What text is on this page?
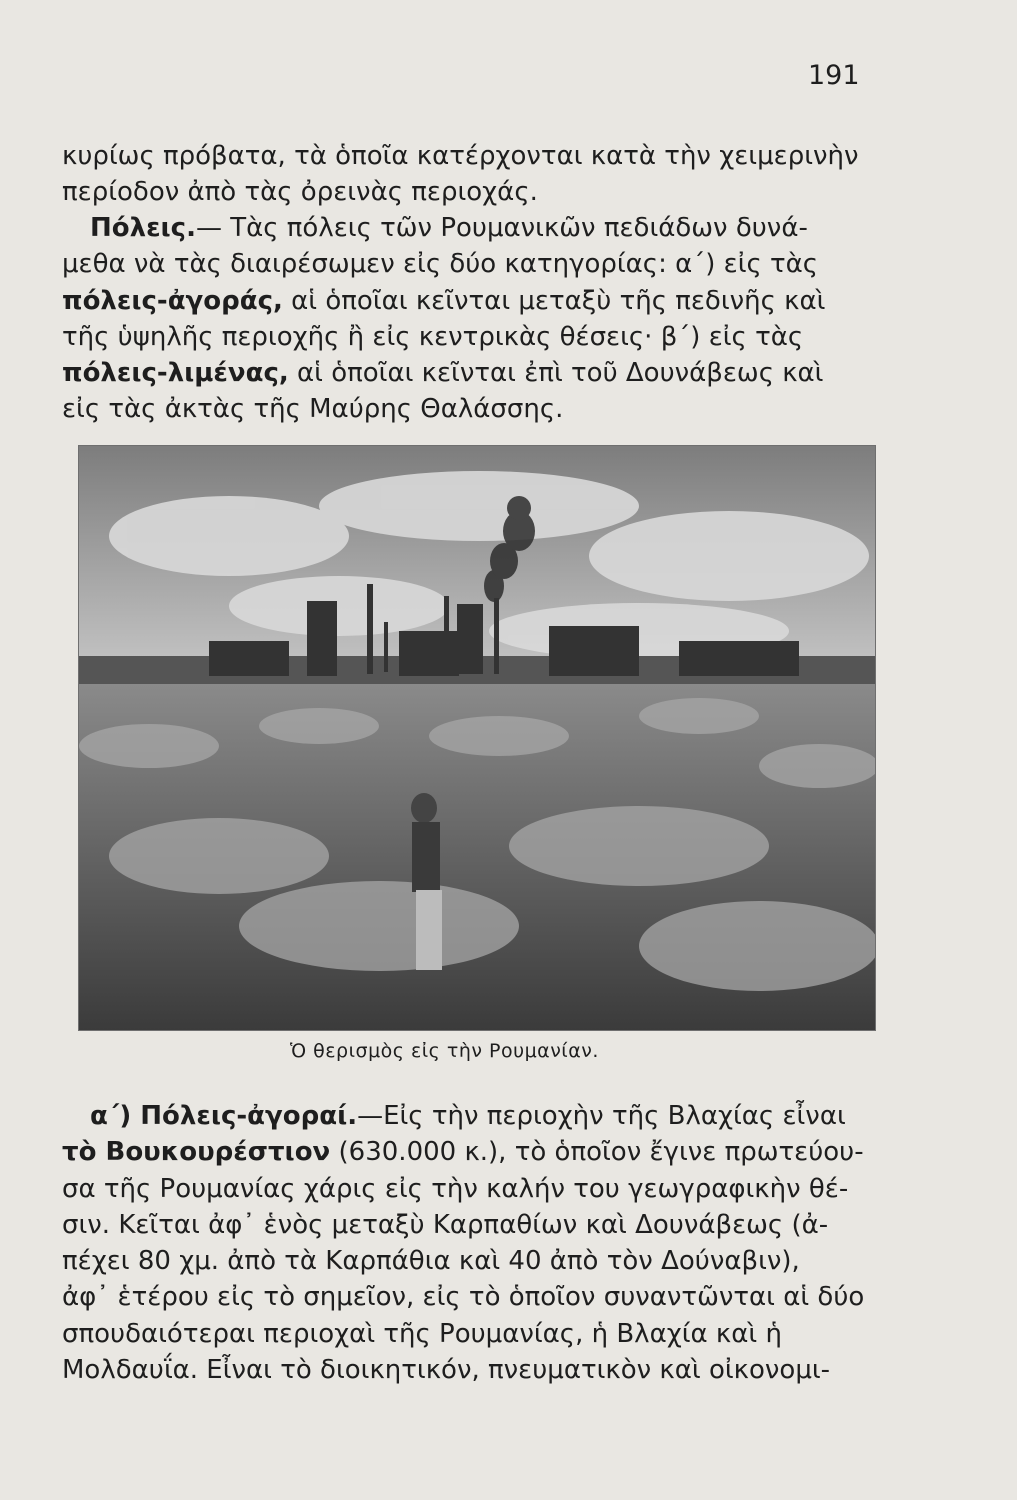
191
κυρίως πρόβατα, τὰ ὁποῖα κατέρχονται κατὰ τὴν χειμερινὴν
περίοδον ἀπὸ τὰς ὀρεινὰς περιοχάς.
Πόλεις.— Τὰς πόλεις τῶν Ρουμανικῶν πεδιάδων δυνά-
μεθα νὰ τὰς διαιρέσωμεν εἰς δύο κατηγορίας: α΄) εἰς τὰς
πόλεις-ἀγοράς, αἱ ὁποῖαι κεῖνται μεταξὺ τῆς πεδινῆς καὶ
τῆς ὑψηλῆς περιοχῆς ἢ εἰς κεντρικὰς θέσεις· β΄) εἰς τὰς
πόλεις-λιμένας, αἱ ὁποῖαι κεῖνται ἐπὶ τοῦ Δουνάβεως καὶ
εἰς τὰς ἀκτὰς τῆς Μαύρης Θαλάσσης.
Ὁ θερισμὸς εἰς τὴν Ρουμανίαν.
α΄) Πόλεις-ἀγοραί.—Εἰς τὴν περιοχὴν τῆς Βλαχίας εἶναι
τὸ Βουκουρέστιον (630.000 κ.), τὸ ὁποῖον ἔγινε πρωτεύου-
σα τῆς Ρουμανίας χάρις εἰς τὴν καλήν του γεωγραφικὴν θέ-
σιν. Κεῖται ἀφ᾽ ἑνὸς μεταξὺ Καρπαθίων καὶ Δουνάβεως (ἀ-
πέχει 80 χμ. ἀπὸ τὰ Καρπάθια καὶ 40 ἀπὸ τὸν Δούναβιν),
ἀφ᾽ ἑτέρου εἰς τὸ σημεῖον, εἰς τὸ ὁποῖον συναντῶνται αἱ δύο
σπουδαιότεραι περιοχαὶ τῆς Ρουμανίας, ἡ Βλαχία καὶ ἡ
Μολδαυΐα. Εἶναι τὸ διοικητικόν, πνευματικὸν καὶ οἰκονομι-
